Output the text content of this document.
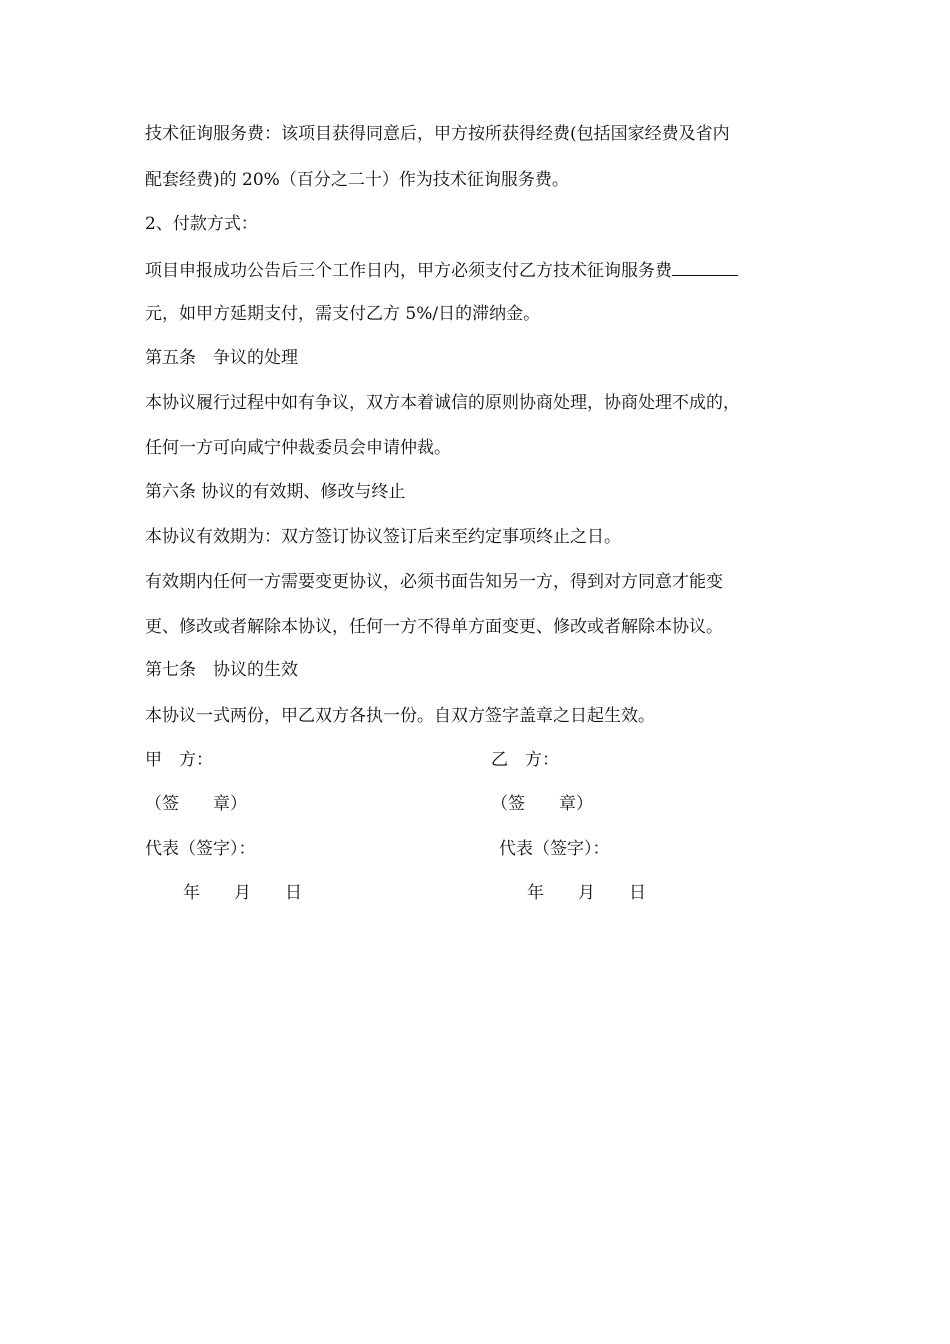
技术征询服务费：该项目获得同意后，甲方按所获得经费(包括国家经费及省内
配套经费)的 20%（百分之二十）作为技术征询服务费。
2、付款方式：
项目申报成功公告后三个工作日内，甲方必须支付乙方技术征询服务费
元，如甲方延期支付，需支付乙方 5%/日的滞纳金。
第五条　争议的处理
本协议履行过程中如有争议，双方本着诚信的原则协商处理，协商处理不成的，
任何一方可向咸宁仲裁委员会申请仲裁。
第六条 协议的有效期、修改与终止
本协议有效期为：双方签订协议签订后来至约定事项终止之日。
有效期内任何一方需要变更协议，必须书面告知另一方，得到对方同意才能变
更、修改或者解除本协议，任何一方不得单方面变更、修改或者解除本协议。
第七条　协议的生效
本协议一式两份，甲乙双方各执一份。自双方签字盖章之日起生效。
甲　方：	乙　方：
（签　　章）	（签　　章）
代表（签字）：	代表（签字）：
年　　月　　日	年　　月　　日
